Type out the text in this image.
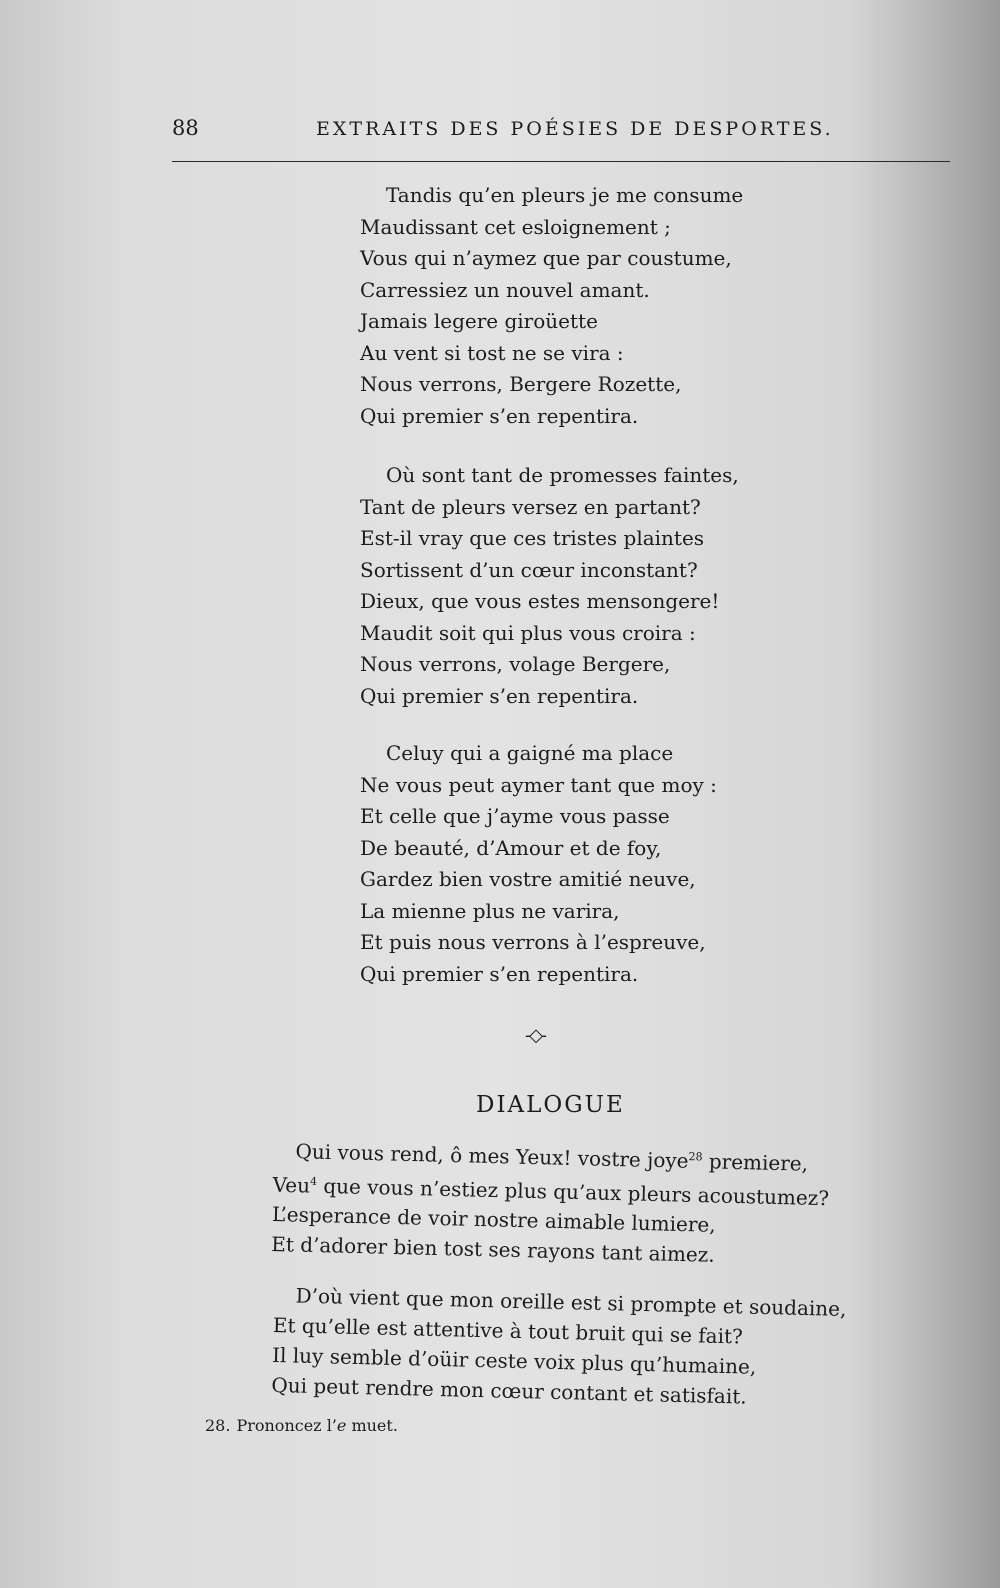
88	EXTRAITS DES POÉSIES DE DESPORTES.
Tandis qu’en pleurs je me consume
Maudissant cet esloignement ;
Vous qui n’aymez que par coustume,
Carressiez un nouvel amant.
Jamais legere giroüette
Au vent si tost ne se vira :
Nous verrons, Bergere Rozette,
Qui premier s’en repentira.
Où sont tant de promesses faintes,
Tant de pleurs versez en partant?
Est-il vray que ces tristes plaintes
Sortissent d’un cœur inconstant?
Dieux, que vous estes mensongere!
Maudit soit qui plus vous croira :
Nous verrons, volage Bergere,
Qui premier s’en repentira.
Celuy qui a gaigné ma place
Ne vous peut aymer tant que moy :
Et celle que j’ayme vous passe
De beauté, d’Amour et de foy,
Gardez bien vostre amitié neuve,
La mienne plus ne varira,
Et puis nous verrons à l’espreuve,
Qui premier s’en repentira.
-◇-
DIALOGUE
Qui vous rend, ô mes Yeux! vostre joye$^{28}$ premiere,
Veu$^4$ que vous n’estiez plus qu’aux pleurs acoustumez?
L’esperance de voir nostre aimable lumiere,
Et d’adorer bien tost ses rayons tant aimez.
D’où vient que mon oreille est si prompte et soudaine,
Et qu’elle est attentive à tout bruit qui se fait?
Il luy semble d’oüir ceste voix plus qu’humaine,
Qui peut rendre mon cœur contant et satisfait.
28. Prononcez l’e muet.
